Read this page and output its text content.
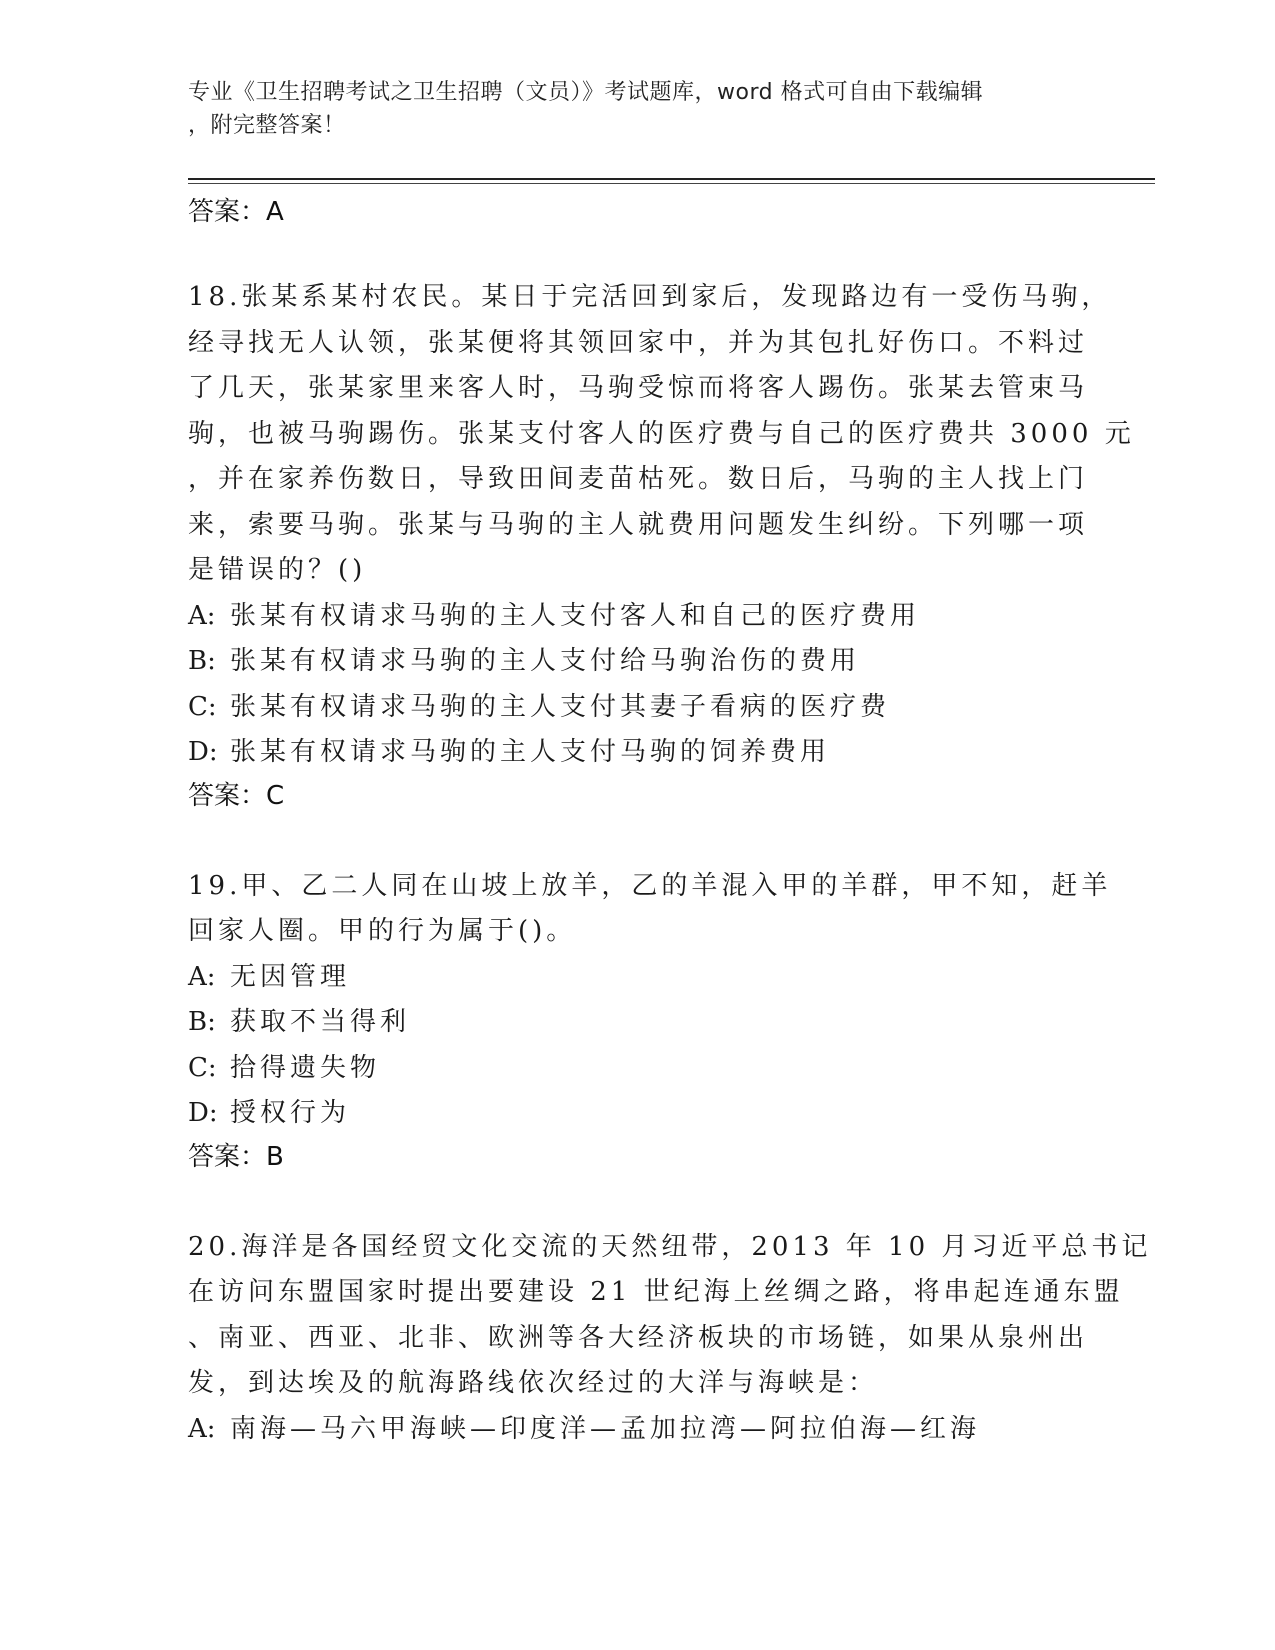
专业《卫生招聘考试之卫生招聘（文员）》考试题库，word 格式可自由下载编辑
，附完整答案！
答案：A
18.张某系某村农民。某日于完活回到家后，发现路边有一受伤马驹，
经寻找无人认领，张某便将其领回家中，并为其包扎好伤口。不料过
了几天，张某家里来客人时，马驹受惊而将客人踢伤。张某去管束马
驹，也被马驹踢伤。张某支付客人的医疗费与自己的医疗费共 3000 元
，并在家养伤数日，导致田间麦苗枯死。数日后，马驹的主人找上门
来，索要马驹。张某与马驹的主人就费用问题发生纠纷。下列哪一项
是错误的？()
A: 张某有权请求马驹的主人支付客人和自己的医疗费用
B: 张某有权请求马驹的主人支付给马驹治伤的费用
C: 张某有权请求马驹的主人支付其妻子看病的医疗费
D: 张某有权请求马驹的主人支付马驹的饲养费用
答案：C
19.甲、乙二人同在山坡上放羊，乙的羊混入甲的羊群，甲不知，赶羊
回家人圈。甲的行为属于()。
A: 无因管理
B: 获取不当得利
C: 拾得遗失物
D: 授权行为
答案：B
20.海洋是各国经贸文化交流的天然纽带，2013 年 10 月习近平总书记
在访问东盟国家时提出要建设 21 世纪海上丝绸之路，将串起连通东盟
、南亚、西亚、北非、欧洲等各大经济板块的市场链，如果从泉州出
发，到达埃及的航海路线依次经过的大洋与海峡是：
A: 南海—马六甲海峡—印度洋—孟加拉湾—阿拉伯海—红海
